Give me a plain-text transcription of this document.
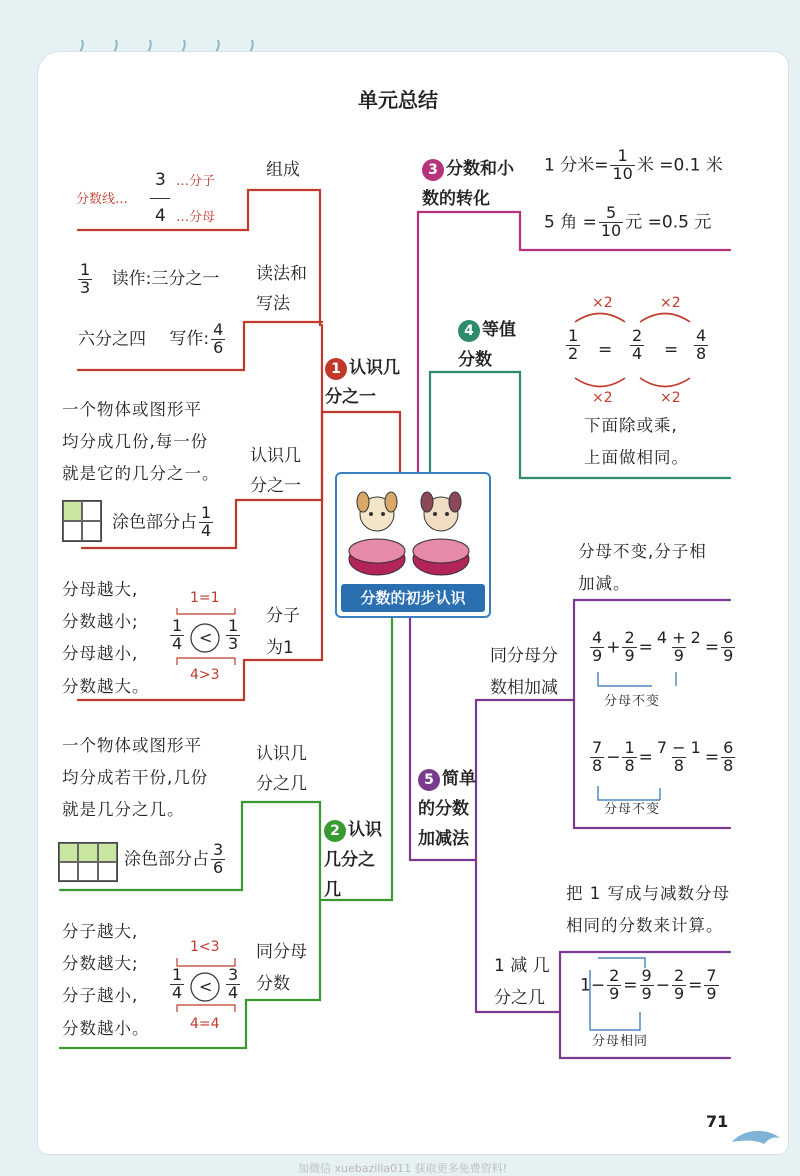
单元总结
分数的初步认识
1 认识几
分之一
组成
分数线…
3
4
…分子
…分母
读法和
写法
$\frac{1}{3}$ 读作:三分之一
六分之四 写作: $\frac{4}{6}$
一个物体或图形平
均分成几份,每一份
就是它的几分之一。
认识几
分之一
涂色部分占 $\frac{1}{4}$
分母越大,
分数越小;
分母越小,
分数越大。
1=1
4>3
$\frac{1}{4} < \frac{1}{3}$
分子
为1
2 认识
几分之
几
一个物体或图形平
均分成若干份,几份
就是几分之几。
认识几
分之几
涂色部分占 $\frac{3}{6}$
分子越大,
分数越大;
分子越小,
分数越小。
1<3
4=4
$\frac{1}{4} < \frac{3}{4}$
同分母
分数
3 分数和小
数的转化
1 分米= $\frac{1}{10}$ 米 =0.1 米
5 角 = $\frac{5}{10}$ 元 =0.5 元
4 等值
分数
×2	×2
×2	×2
$\frac{1}{2} = \frac{2}{4} = \frac{4}{8}$
下面除或乘,
上面做相同。
5 简单
的分数
加减法
分母不变,分子相
加减。
同分母分
数相加减
$\frac{4}{9} + \frac{2}{9} = \frac{4 + 2}{9} = \frac{6}{9}$
分母不变
$\frac{7}{8} - \frac{1}{8} = \frac{7 - 1}{8} = \frac{6}{8}$
分母不变
把 1 写成与减数分母
相同的分数来计算。
1 减 几
分之几
$1- \frac{2}{9} = \frac{9}{9} - \frac{2}{9} = \frac{7}{9}$
分母相同
71
加微信 xuebazilia011 获取更多免费资料!
